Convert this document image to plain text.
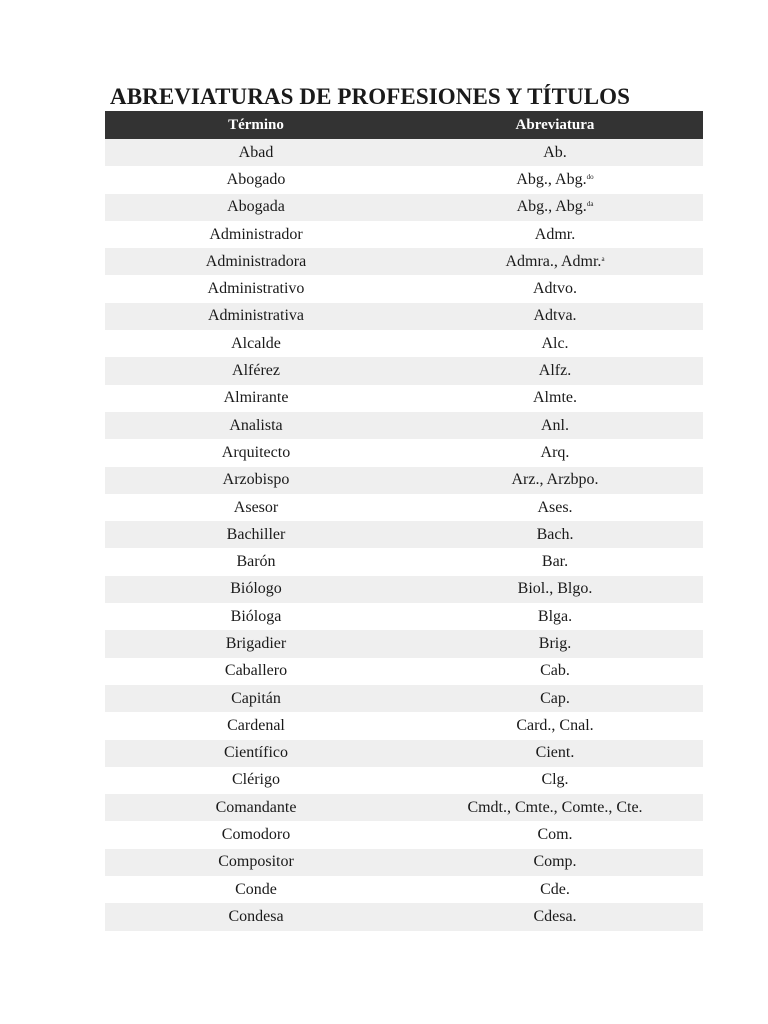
ABREVIATURAS DE PROFESIONES Y TÍTULOS
Término	Abreviatura
Abad	Ab.
Abogado	Abg., Abg.$^{do}$
Abogada	Abg., Abg.$^{da}$
Administrador	Admr.
Administradora	Admra., Admr.$^a$
Administrativo	Adtvo.
Administrativa	Adtva.
Alcalde	Alc.
Alférez	Alfz.
Almirante	Almte.
Analista	Anl.
Arquitecto	Arq.
Arzobispo	Arz., Arzbpo.
Asesor	Ases.
Bachiller	Bach.
Barón	Bar.
Biólogo	Biol., Blgo.
Bióloga	Blga.
Brigadier	Brig.
Caballero	Cab.
Capitán	Cap.
Cardenal	Card., Cnal.
Científico	Cient.
Clérigo	Clg.
Comandante	Cmdt., Cmte., Comte., Cte.
Comodoro	Com.
Compositor	Comp.
Conde	Cde.
Condesa	Cdesa.
